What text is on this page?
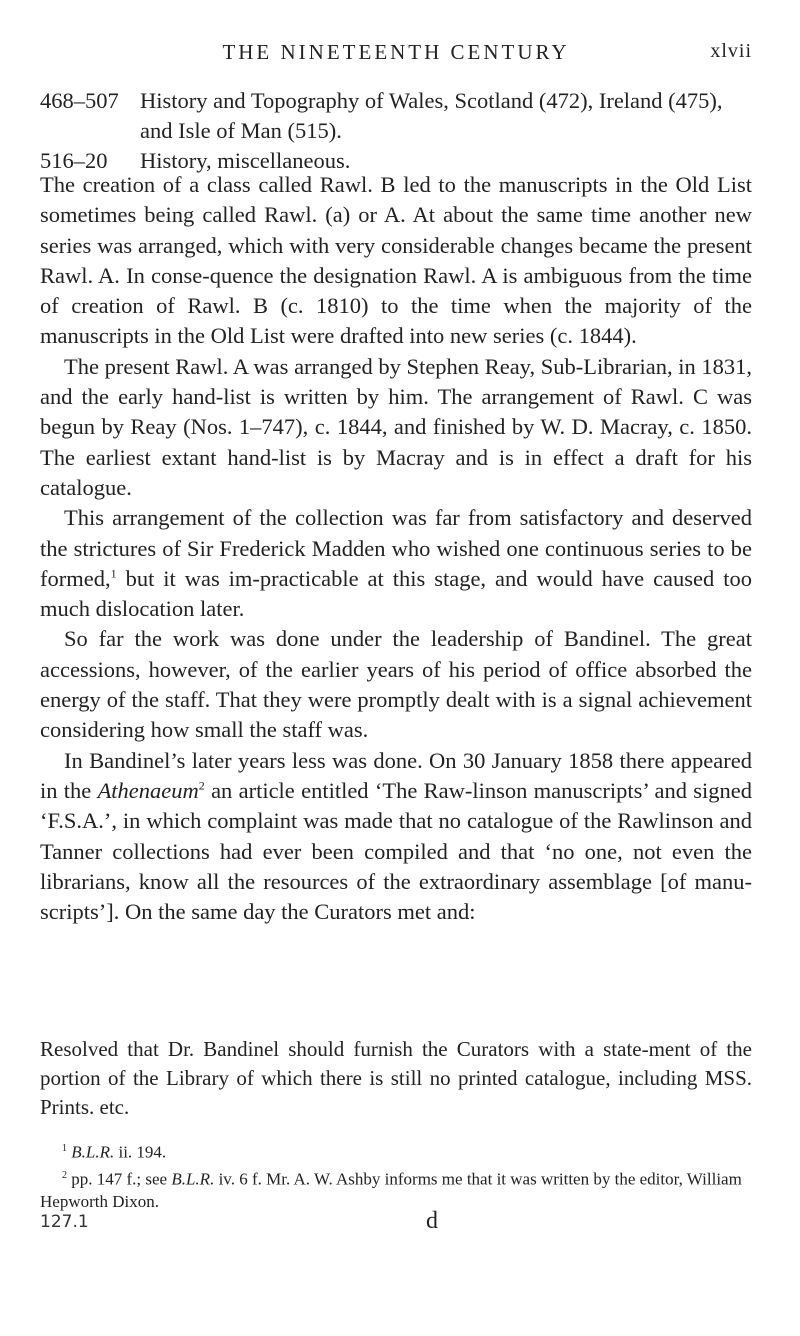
THE NINETEENTH CENTURY	xlvii
468–507 History and Topography of Wales, Scotland (472), Ireland (475), and Isle of Man (515).
516–20 History, miscellaneous.

The creation of a class called Rawl. B led to the manuscripts in the Old List sometimes being called Rawl. (a) or A. At about the same time another new series was arranged, which with very considerable changes became the present Rawl. A. In conse-quence the designation Rawl. A is ambiguous from the time of creation of Rawl. B (c. 1810) to the time when the majority of the manuscripts in the Old List were drafted into new series (c. 1844).

The present Rawl. A was arranged by Stephen Reay, Sub-Librarian, in 1831, and the early hand-list is written by him. The arrangement of Rawl. C was begun by Reay (Nos. 1–747), c. 1844, and finished by W. D. Macray, c. 1850. The earliest extant hand-list is by Macray and is in effect a draft for his catalogue.

This arrangement of the collection was far from satisfactory and deserved the strictures of Sir Frederick Madden who wished one continuous series to be formed,$^1$ but it was im-practicable at this stage, and would have caused too much dislocation later.

So far the work was done under the leadership of Bandinel. The great accessions, however, of the earlier years of his period of office absorbed the energy of the staff. That they were promptly dealt with is a signal achievement considering how small the staff was.

In Bandinel’s later years less was done. On 30 January 1858 there appeared in the Athenaeum$^2$ an article entitled ‘The Raw-linson manuscripts’ and signed ‘F.S.A.’, in which complaint was made that no catalogue of the Rawlinson and Tanner collections had ever been compiled and that ‘no one, not even the librarians, know all the resources of the extraordinary assemblage [of manu-scripts’]. On the same day the Curators met and:

Resolved that Dr. Bandinel should furnish the Curators with a state-ment of the portion of the Library of which there is still no printed catalogue, including MSS. Prints. etc.

$^1$ B.L.R. ii. 194.

$^2$ pp. 147 f.; see B.L.R. iv. 6 f. Mr. A. W. Ashby informs me that it was written by the editor, William Hepworth Dixon.

127.1	d
